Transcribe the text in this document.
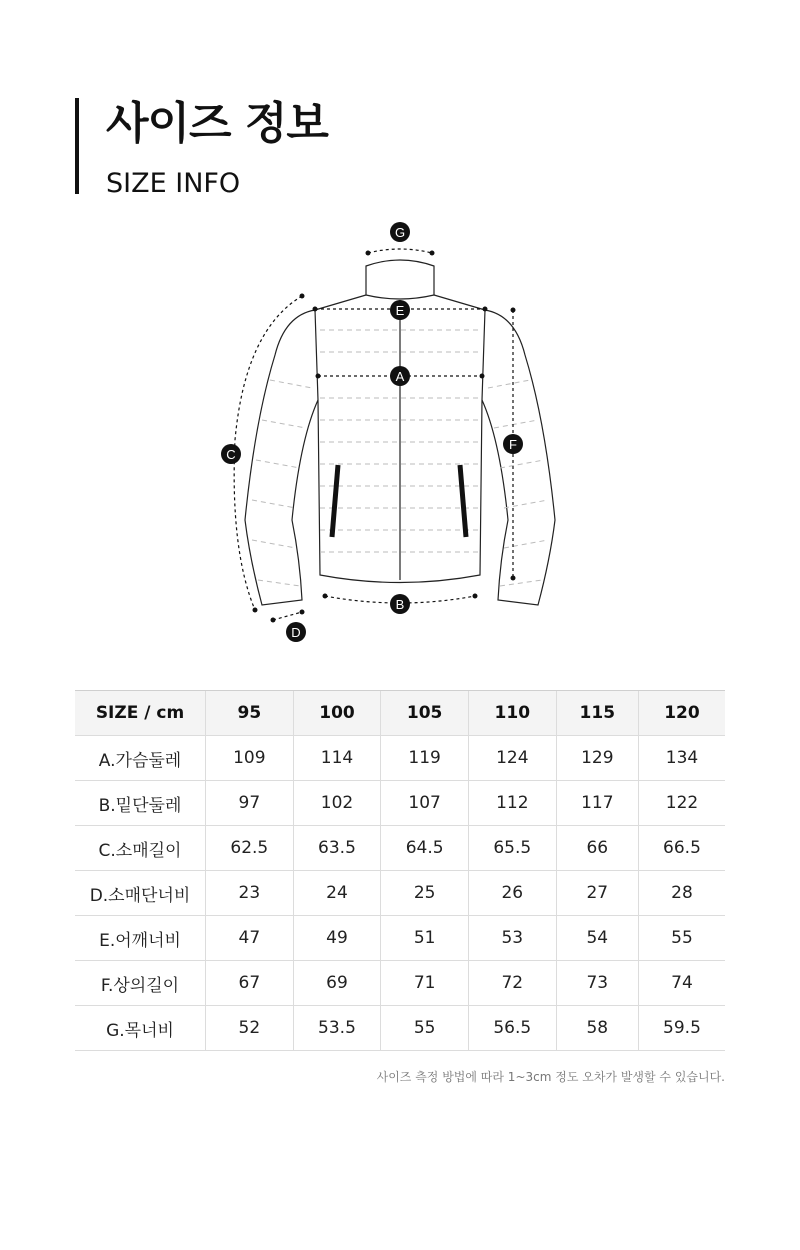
사이즈 정보
SIZE INFO
G
E
A
C
F
B
D
SIZE / cm	95	100	105	110	115	120
A.가슴둘레	109	114	119	124	129	134
B.밑단둘레	97	102	107	112	117	122
C.소매길이	62.5	63.5	64.5	65.5	66	66.5
D.소매단너비	23	24	25	26	27	28
E.어깨너비	47	49	51	53	54	55
F.상의길이	67	69	71	72	73	74
G.목너비	52	53.5	55	56.5	58	59.5
사이즈 측정 방법에 따라 1~3cm 정도 오차가 발생할 수 있습니다.
